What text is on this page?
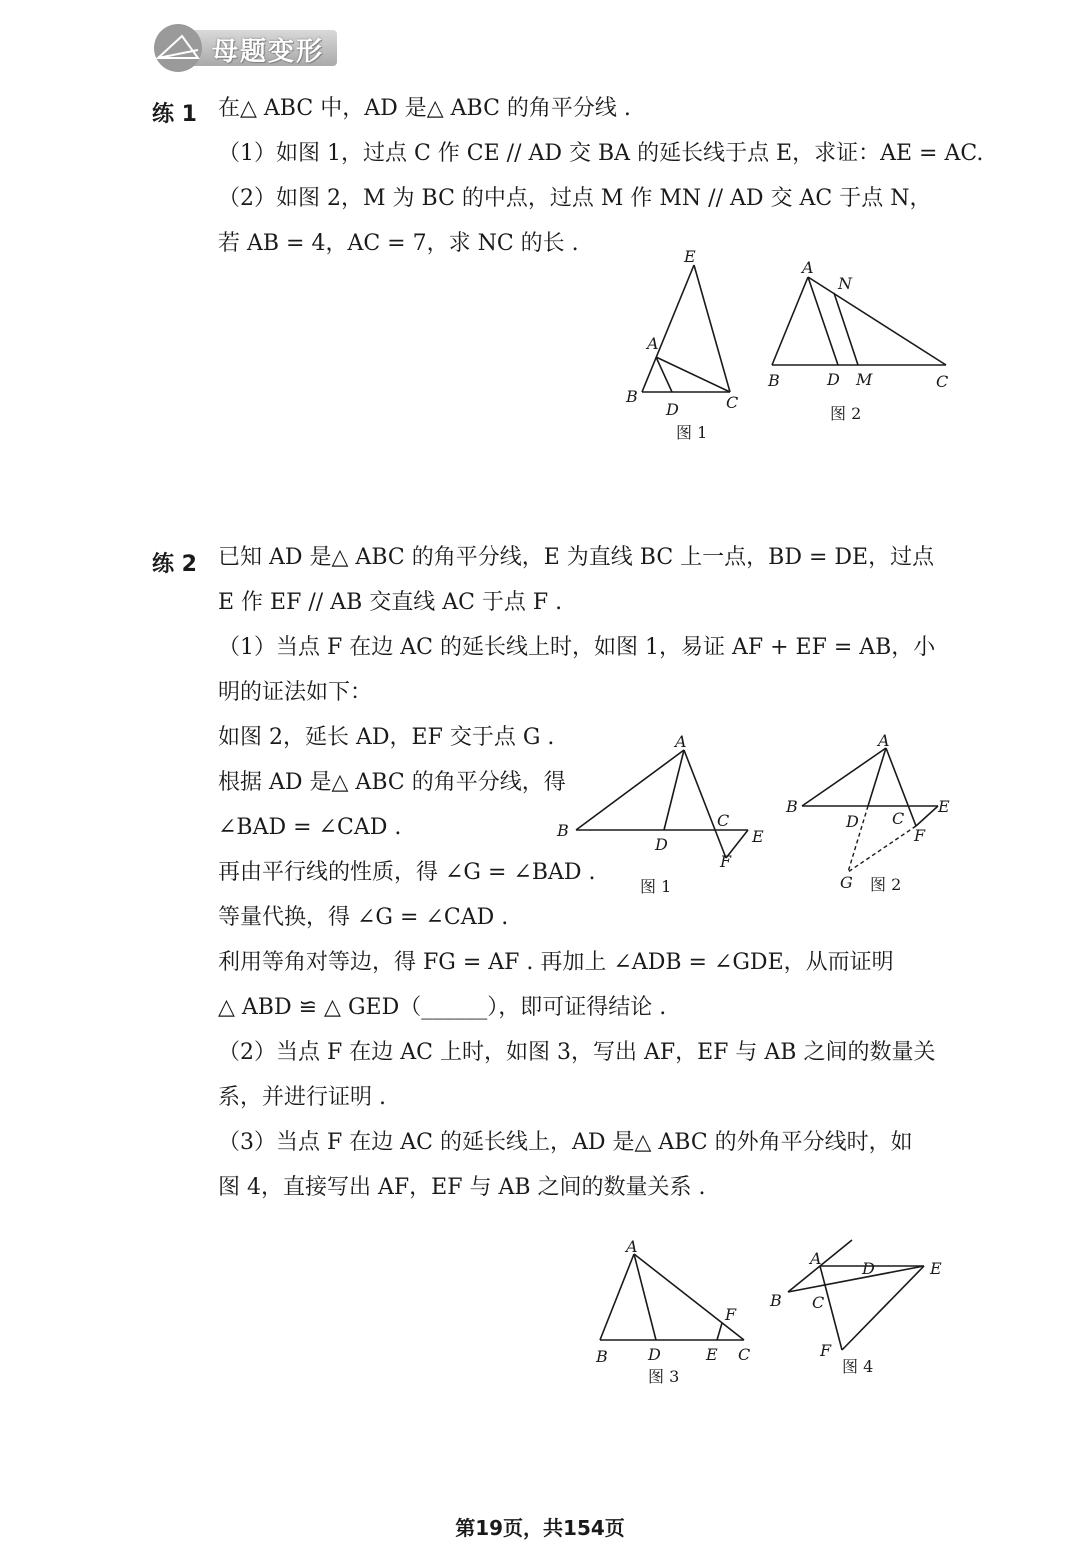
母题变形
练 1 在△ ABC 中，AD 是△ ABC 的角平分线 .
（1）如图 1，过点 C 作 CE // AD 交 BA 的延长线于点 E，求证：AE = AC.
（2）如图 2，M 为 BC 的中点，过点 M 作 MN // AD 交 AC 于点 N，
若 AB = 4，AC = 7，求 NC 的长 .
E
A
B
D	C
图 1
A
N
B	D M	C
图 2
练 2 已知 AD 是△ ABC 的角平分线，E 为直线 BC 上一点，BD = DE，过点
E 作 EF // AB 交直线 AC 于点 F .
（1）当点 F 在边 AC 的延长线上时，如图 1，易证 AF + EF = AB，小
明的证法如下：
如图 2，延长 AD，EF 交于点 G .
根据 AD 是△ ABC 的角平分线，得
∠BAD = ∠CAD .
再由平行线的性质，得 ∠G = ∠BAD .
等量代换，得 ∠G = ∠CAD .
利用等角对等边，得 FG = AF . 再加上 ∠ADB = ∠GDE，从而证明
△ ABD ≌ △ GED（______），即可证得结论 .
（2）当点 F 在边 AC 上时，如图 3，写出 AF，EF 与 AB 之间的数量关
系，并进行证明 .
（3）当点 F 在边 AC 的延长线上，AD 是△ ABC 的外角平分线时，如
图 4，直接写出 AF，EF 与 AB 之间的数量关系 .
A
B
D
C
E
F
图 1
A
B
D C
E
F
G 图 2
A
F
B	D	E C
图 3
A
D	E
B C
F
图 4
第19页，共154页
